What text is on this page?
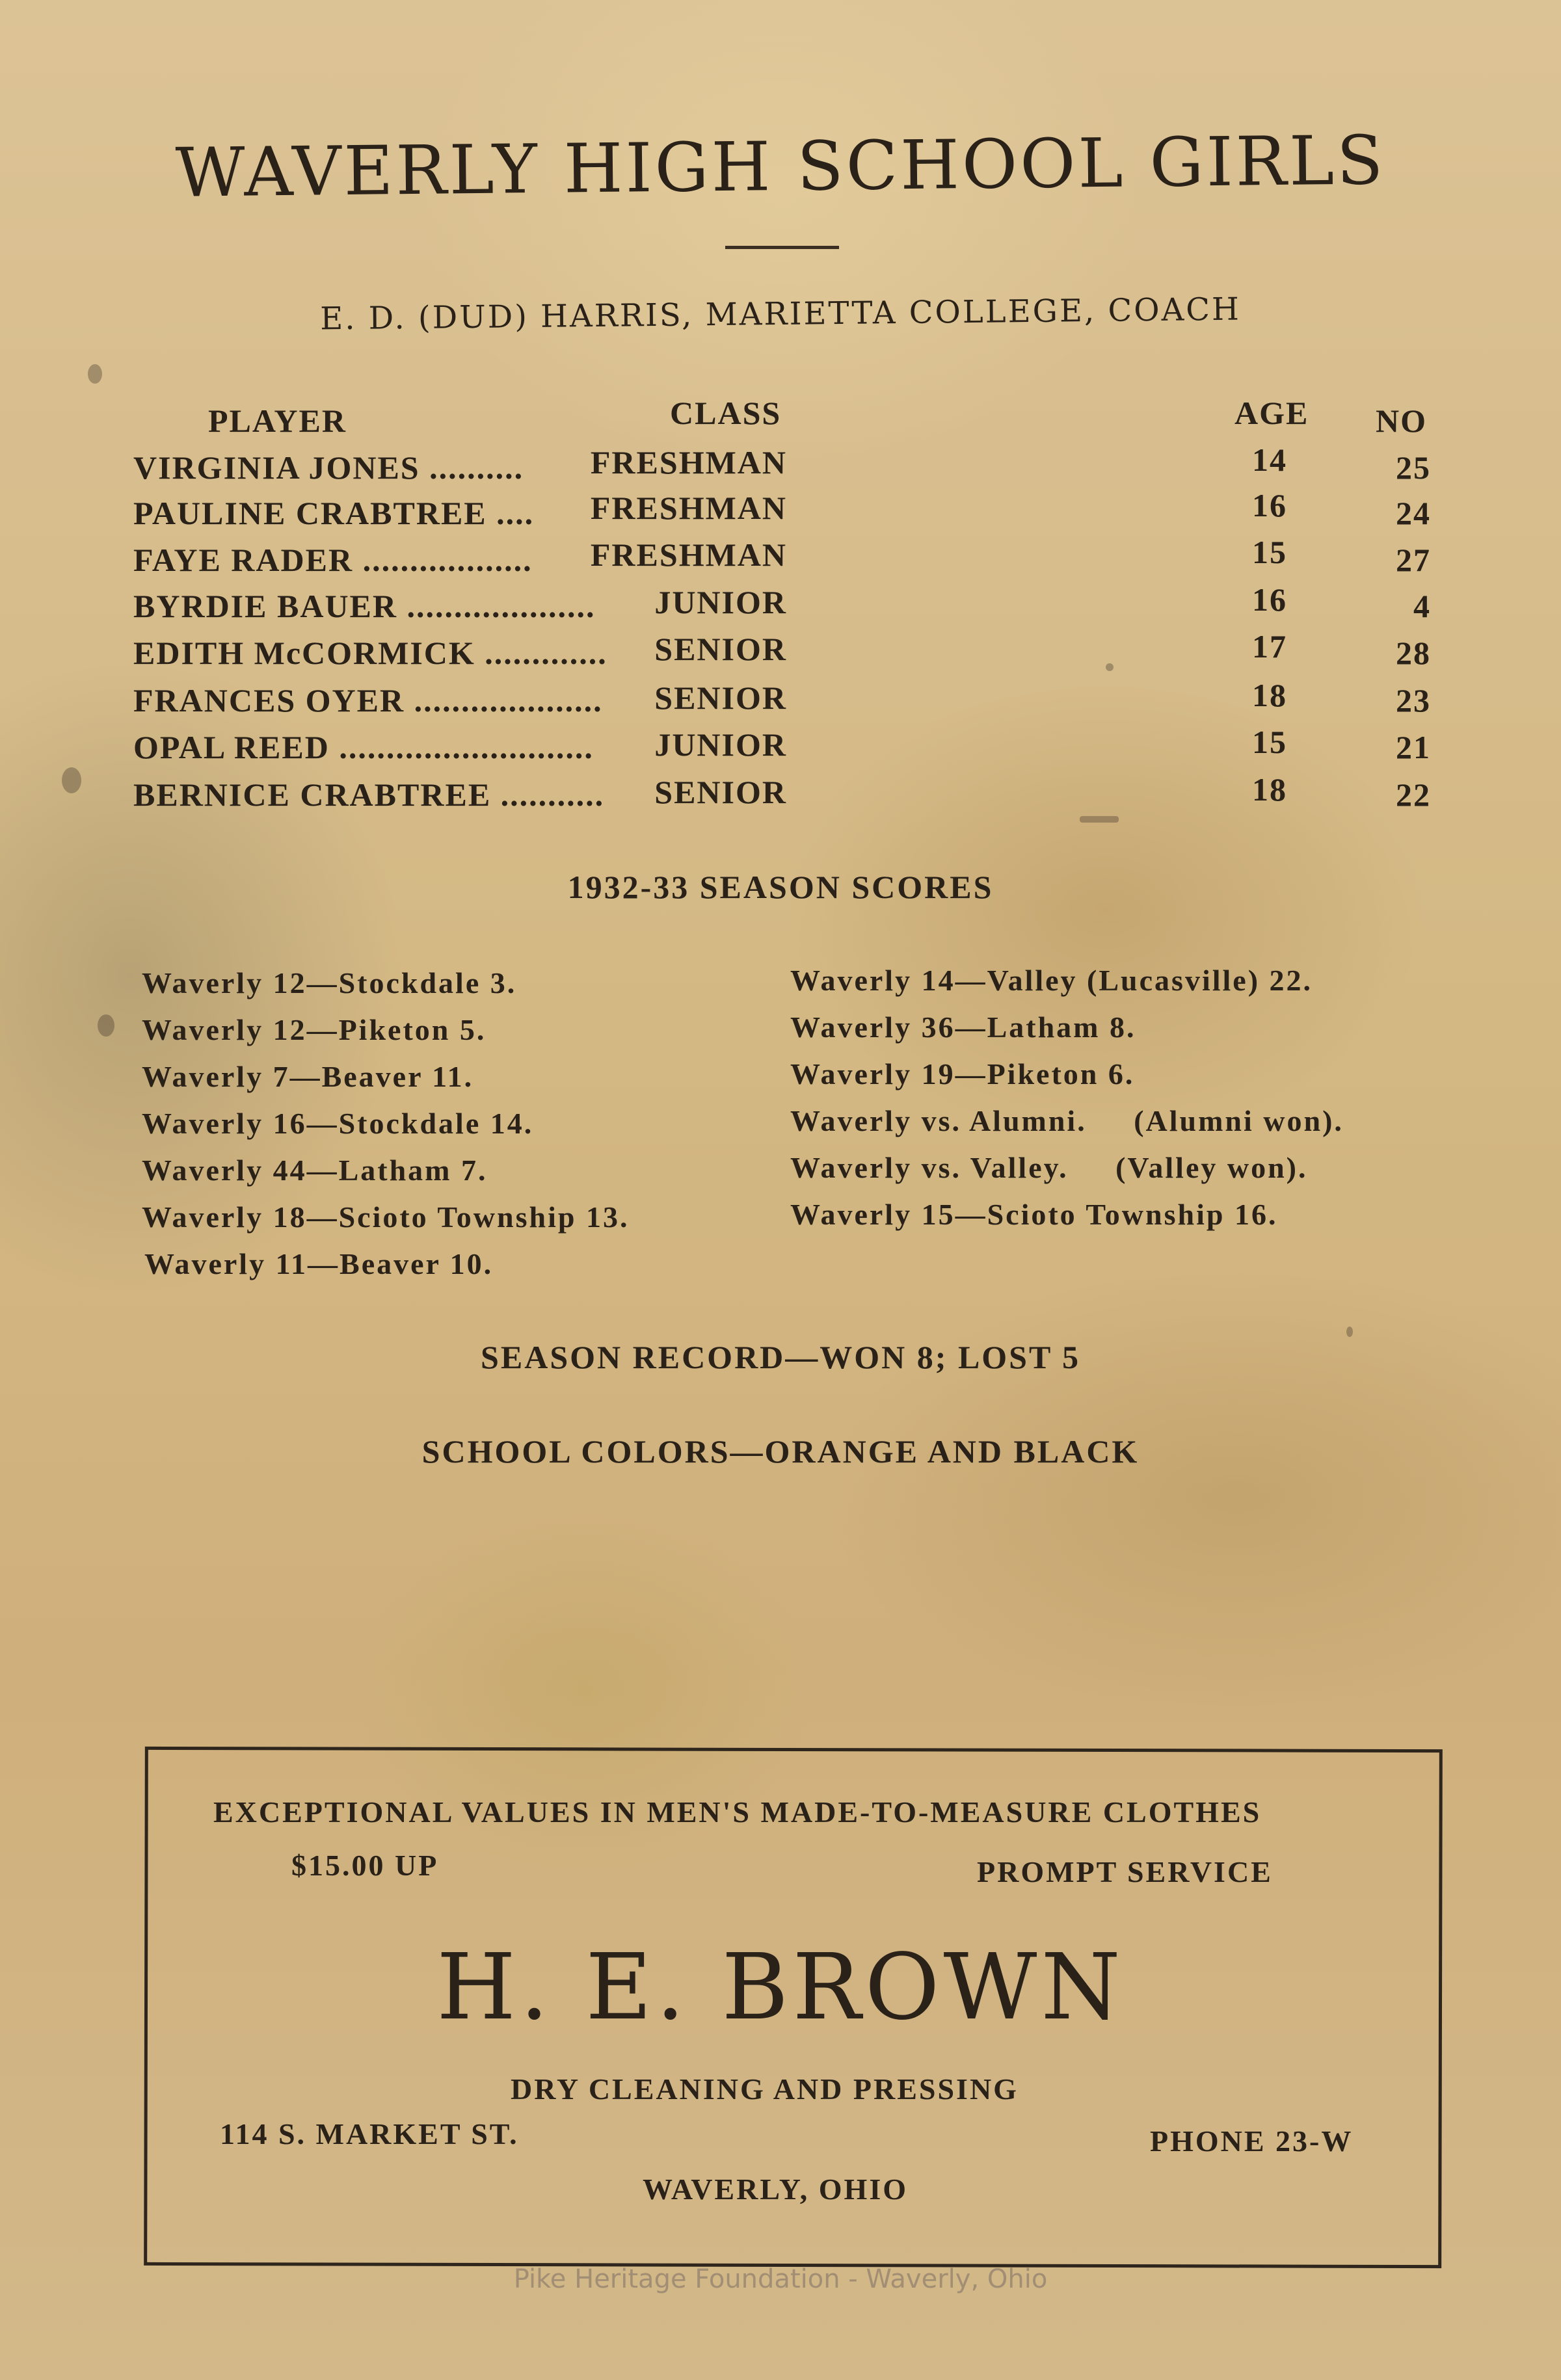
WAVERLY HIGH SCHOOL GIRLS
E. D. (DUD) HARRIS, MARIETTA COLLEGE, COACH
PLAYER	CLASS	AGE NO
VIRGINIA JONES .......... FRESHMAN	14	25
PAULINE CRABTREE .... FRESHMAN	16	24
FAYE RADER .................. FRESHMAN	15	27
BYRDIE BAUER .................... JUNIOR	16	4
EDITH McCORMICK ............. SENIOR	17	28
FRANCES OYER .................... SENIOR	18	23
OPAL REED ........................... JUNIOR	15	21
BERNICE CRABTREE ........... SENIOR	18	22
1932-33 SEASON SCORES
Waverly 12—Stockdale 3.
Waverly 12—Piketon 5.
Waverly 7—Beaver 11.
Waverly 16—Stockdale 14.
Waverly 44—Latham 7.
Waverly 18—Scioto Township 13.
Waverly 11—Beaver 10.
Waverly 14—Valley (Lucasville) 22.
Waverly 36—Latham 8.
Waverly 19—Piketon 6.
Waverly vs. Alumni.     (Alumni won).
Waverly vs. Valley.     (Valley won).
Waverly 15—Scioto Township 16.
SEASON RECORD—WON 8; LOST 5
SCHOOL COLORS—ORANGE AND BLACK
EXCEPTIONAL VALUES IN MEN'S MADE-TO-MEASURE CLOTHES
$15.00 UP	PROMPT SERVICE
H. E. BROWN
DRY CLEANING AND PRESSING
114 S. MARKET ST.	PHONE 23-W
WAVERLY, OHIO
Pike Heritage Foundation - Waverly, Ohio
